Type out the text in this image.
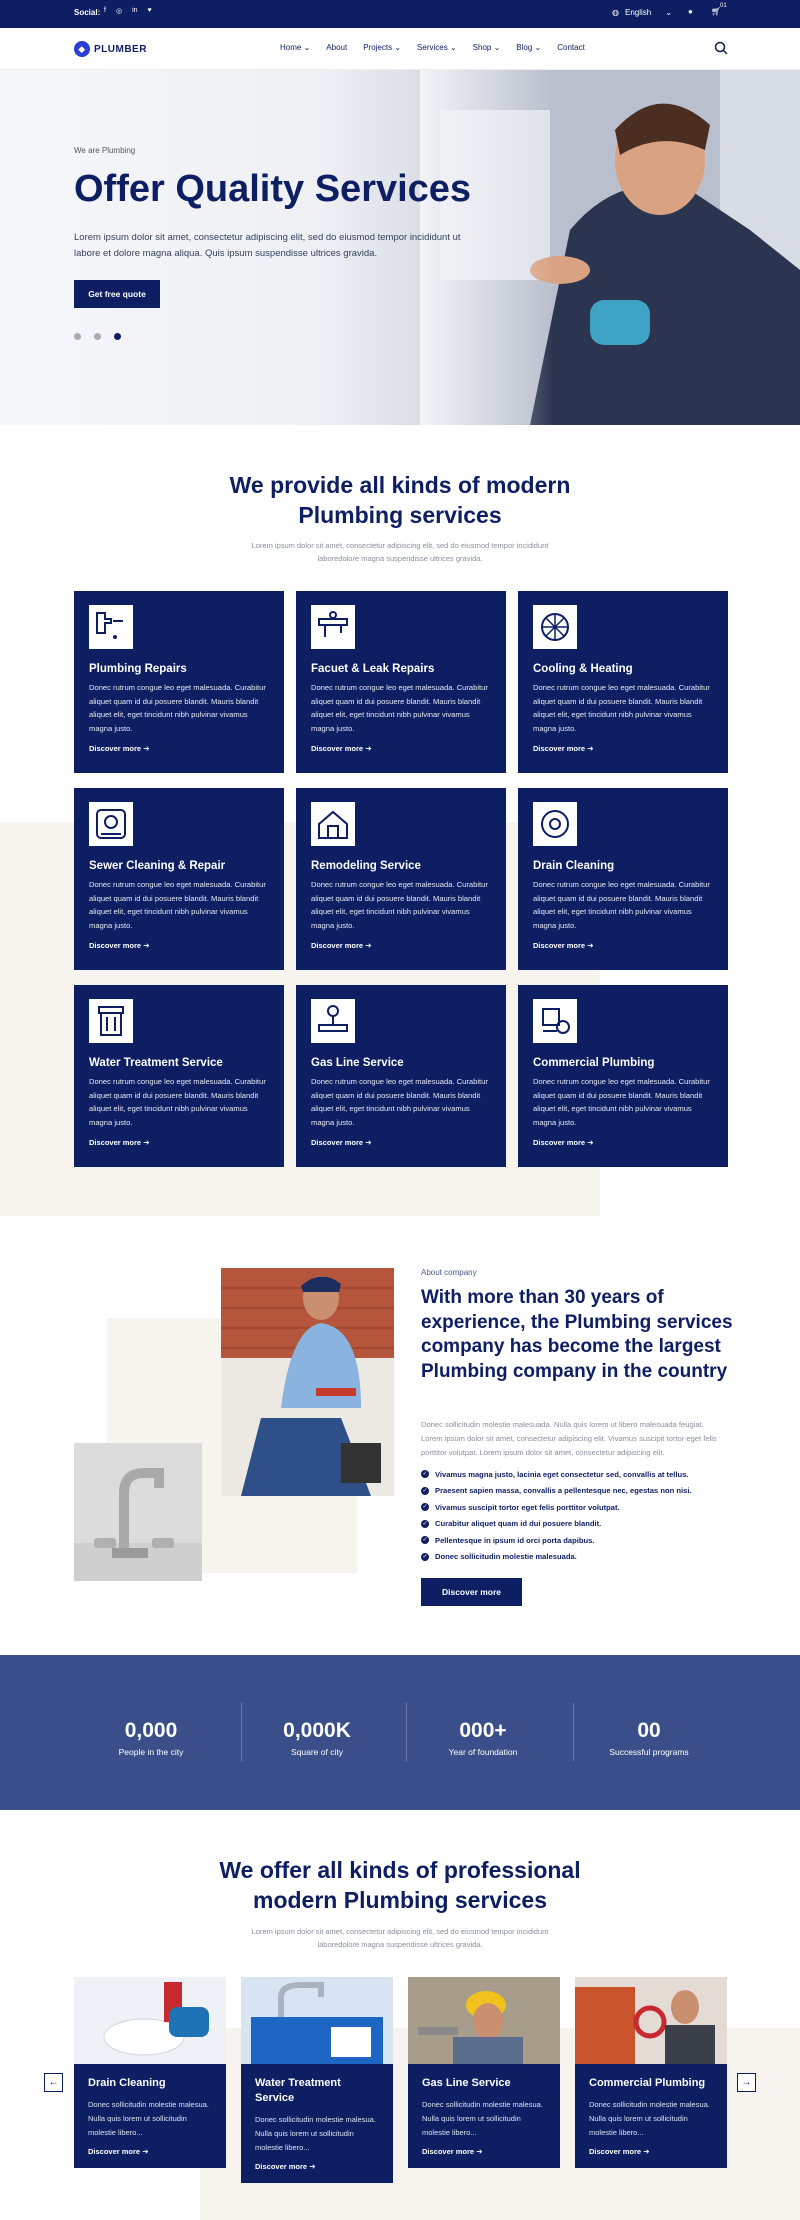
Social: f ◎ in ♥	◍ English ⌄ ● 🛒︎
01
◆ PLUMBER	Home ⌄ About Projects ⌄ Services ⌄ Shop ⌄ Blog ⌄ Contact
We are Plumbing
Offer Quality Services

Lorem ipsum dolor sit amet, consectetur adipiscing elit, sed do eiusmod tempor incididunt ut labore et dolore magna aliqua. Quis ipsum suspendisse ultrices gravida.

Get free quote
We provide all kinds of modern
Plumbing services
Lorem ipsum dolor sit amet, consectetur adipiscing elit, sed do eiusmod tempor incididunt laboredolore magna suspendisse ultrices gravida.
Plumbing Repairs

Donec rutrum congue leo eget malesuada. Curabitur aliquet quam id dui posuere blandit. Mauris blandit aliquet elit, eget tincidunt nibh pulvinar vivamus magna justo.

Discover more ➔
Facuet & Leak Repairs

Donec rutrum congue leo eget malesuada. Curabitur aliquet quam id dui posuere blandit. Mauris blandit aliquet elit, eget tincidunt nibh pulvinar vivamus magna justo.

Discover more ➔
Cooling & Heating

Donec rutrum congue leo eget malesuada. Curabitur aliquet quam id dui posuere blandit. Mauris blandit aliquet elit, eget tincidunt nibh pulvinar vivamus magna justo.

Discover more ➔
Sewer Cleaning & Repair

Donec rutrum congue leo eget malesuada. Curabitur aliquet quam id dui posuere blandit. Mauris blandit aliquet elit, eget tincidunt nibh pulvinar vivamus magna justo.

Discover more ➔
Remodeling Service

Donec rutrum congue leo eget malesuada. Curabitur aliquet quam id dui posuere blandit. Mauris blandit aliquet elit, eget tincidunt nibh pulvinar vivamus magna justo.

Discover more ➔
Drain Cleaning

Donec rutrum congue leo eget malesuada. Curabitur aliquet quam id dui posuere blandit. Mauris blandit aliquet elit, eget tincidunt nibh pulvinar vivamus magna justo.

Discover more ➔
Water Treatment Service

Donec rutrum congue leo eget malesuada. Curabitur aliquet quam id dui posuere blandit. Mauris blandit aliquet elit, eget tincidunt nibh pulvinar vivamus magna justo.

Discover more ➔
Gas Line Service

Donec rutrum congue leo eget malesuada. Curabitur aliquet quam id dui posuere blandit. Mauris blandit aliquet elit, eget tincidunt nibh pulvinar vivamus magna justo.

Discover more ➔
Commercial Plumbing

Donec rutrum congue leo eget malesuada. Curabitur aliquet quam id dui posuere blandit. Mauris blandit aliquet elit, eget tincidunt nibh pulvinar vivamus magna justo.

Discover more ➔
About company
With more than 30 years of experience, the Plumbing services company has become the largest Plumbing company in the country
Donec sollicitudin molestie malesuada. Nulla quis lorem ut libero malesuada feugiat. Lorem ipsum dolor sit amet, consectetur adipiscing elit. Vivamus suscipit tortor eget felis porttitor volutpat. Lorem ipsum dolor sit amet, consectetur adipiscing elit.
✓ Vivamus magna justo, lacinia eget consectetur sed, convallis at tellus.
✓ Praesent sapien massa, convallis a pellentesque nec, egestas non nisi.
✓ Vivamus suscipit tortor eget felis porttitor volutpat.
✓ Curabitur aliquet quam id dui posuere blandit.
✓ Pellentesque in ipsum id orci porta dapibus.
✓ Donec sollicitudin molestie malesuada.
Discover more
0,000
People in the city
0,000K
Square of city
000+
Year of foundation
00
Successful programs
We offer all kinds of professional
modern Plumbing services
Lorem ipsum dolor sit amet, consectetur adipiscing elit, sed do eiusmod tempor incididunt laboredolore magna suspendisse ultrices gravida.
←	→
Drain Cleaning

Donec sollicitudin molestie malesua. Nulla quis lorem ut sollicitudin molestie libero...

Discover more ➔
Water Treatment Service

Donec sollicitudin molestie malesua. Nulla quis lorem ut sollicitudin molestie libero...

Discover more ➔
Gas Line Service

Donec sollicitudin molestie malesua. Nulla quis lorem ut sollicitudin molestie libero...

Discover more ➔
Commercial Plumbing

Donec sollicitudin molestie malesua. Nulla quis lorem ut sollicitudin molestie libero...

Discover more ➔
